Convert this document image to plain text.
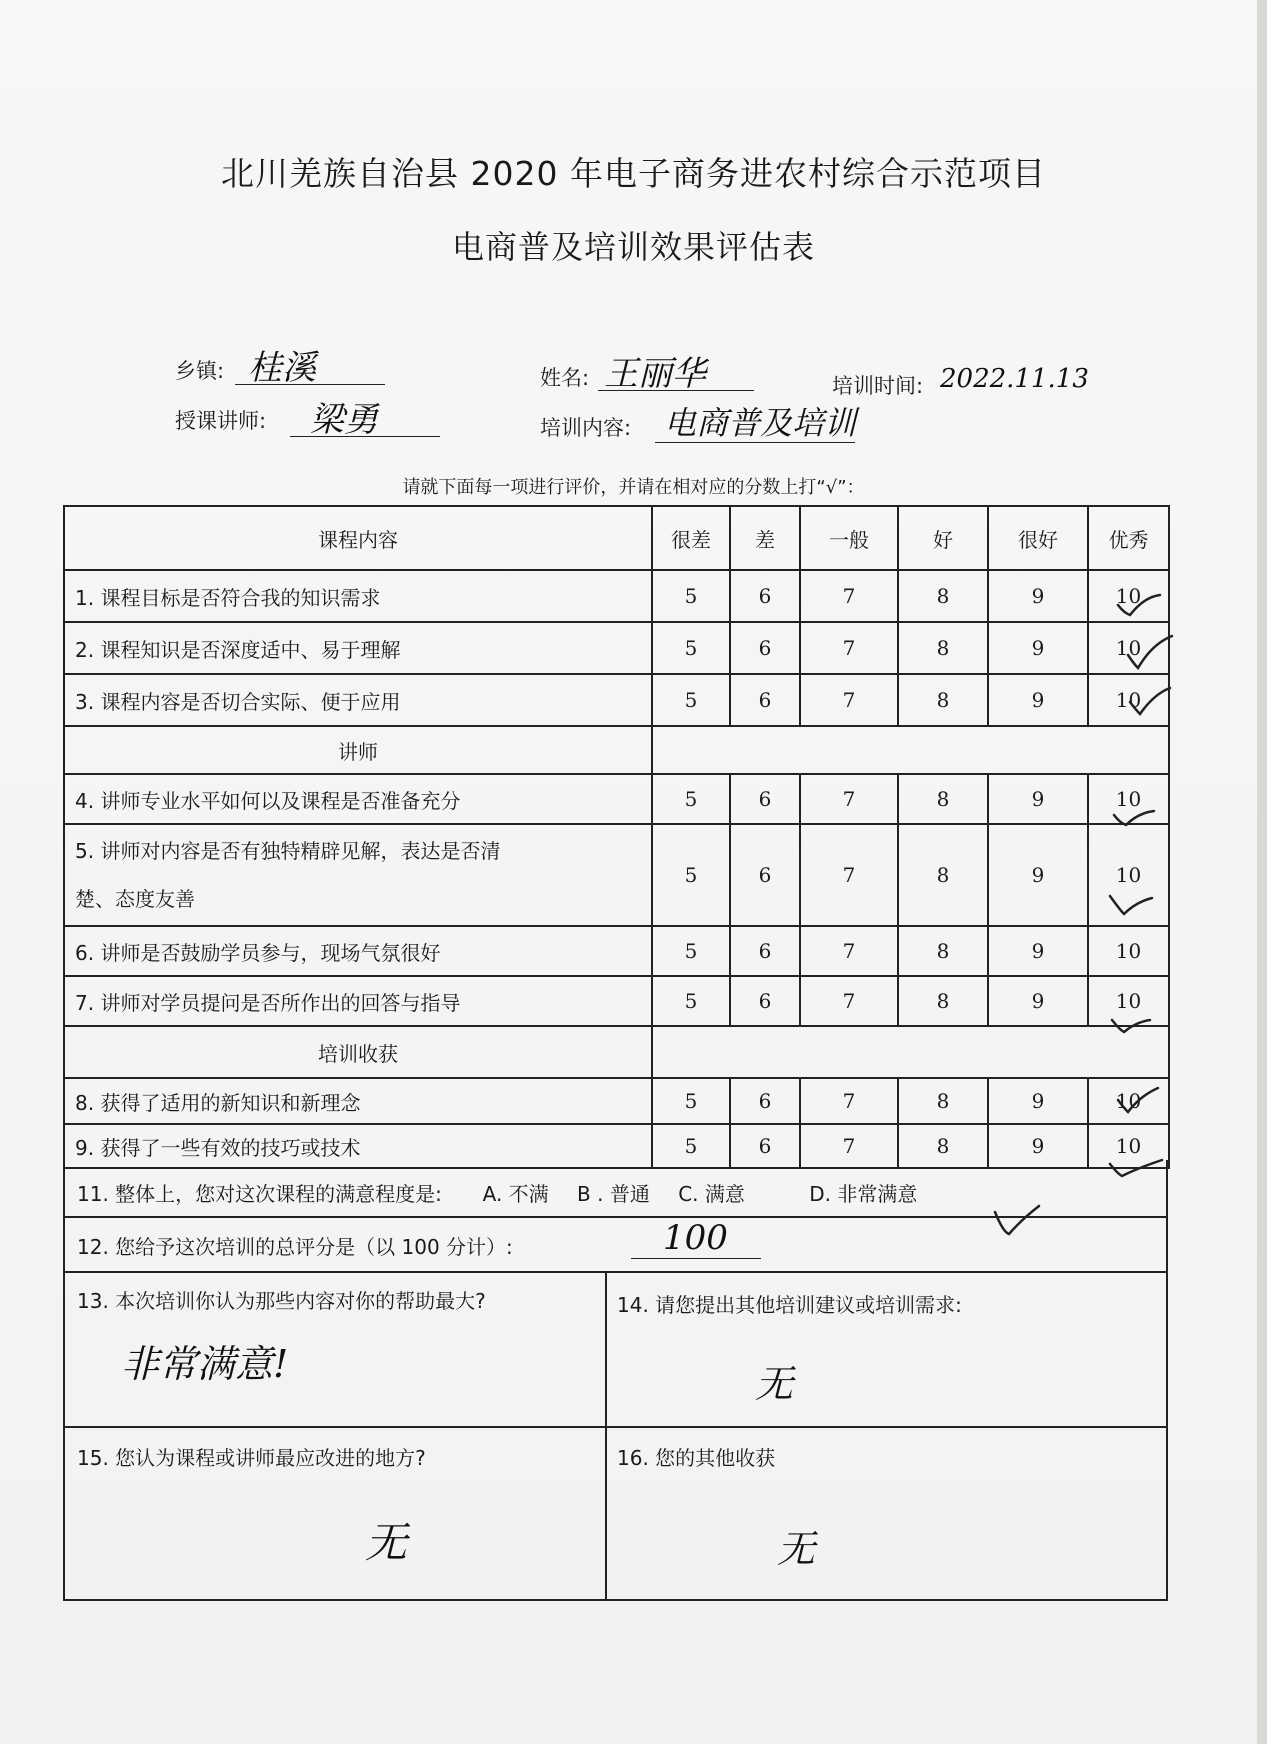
北川羌族自治县 2020 年电子商务进农村综合示范项目
电商普及培训效果评估表
乡镇: 桂溪	姓名: 王丽华	培训时间: 2022.11.13
授课讲师: 梁勇	培训内容: 电商普及培训
请就下面每一项进行评价，并请在相对应的分数上打“√”：
课程内容	很差	差	一般	好	很好	优秀
1. 课程目标是否符合我的知识需求	5	6	7	8	9	10
2. 课程知识是否深度适中、易于理解	5	6	7	8	9	10
3. 课程内容是否切合实际、便于应用	5	6	7	8	9	10
讲师						
4. 讲师专业水平如何以及课程是否准备充分	5	6	7	8	9	10

5. 讲师对内容是否有独特精辟见解，表达是否清
楚、态度友善	5	6	7	8	9	10
6. 讲师是否鼓励学员参与，现场气氛很好	5	6	7	8	9	10
7. 讲师对学员提问是否所作出的回答与指导	5	6	7	8	9	10
培训收获						
8. 获得了适用的新知识和新理念	5	6	7	8	9	10
9. 获得了一些有效的技巧或技术	5	6	7	8	9	10
11. 整体上，您对这次课程的满意程度是: A. 不满 B . 普通 C. 满意	D. 非常满意
12. 您给予这次培训的总评分是（以 100 分计）:	100
13. 本次培训你认为那些内容对你的帮助最大?
非常满意!
14. 请您提出其他培训建议或培训需求:
无
15. 您认为课程或讲师最应改进的地方?
无
16. 您的其他收获
无
